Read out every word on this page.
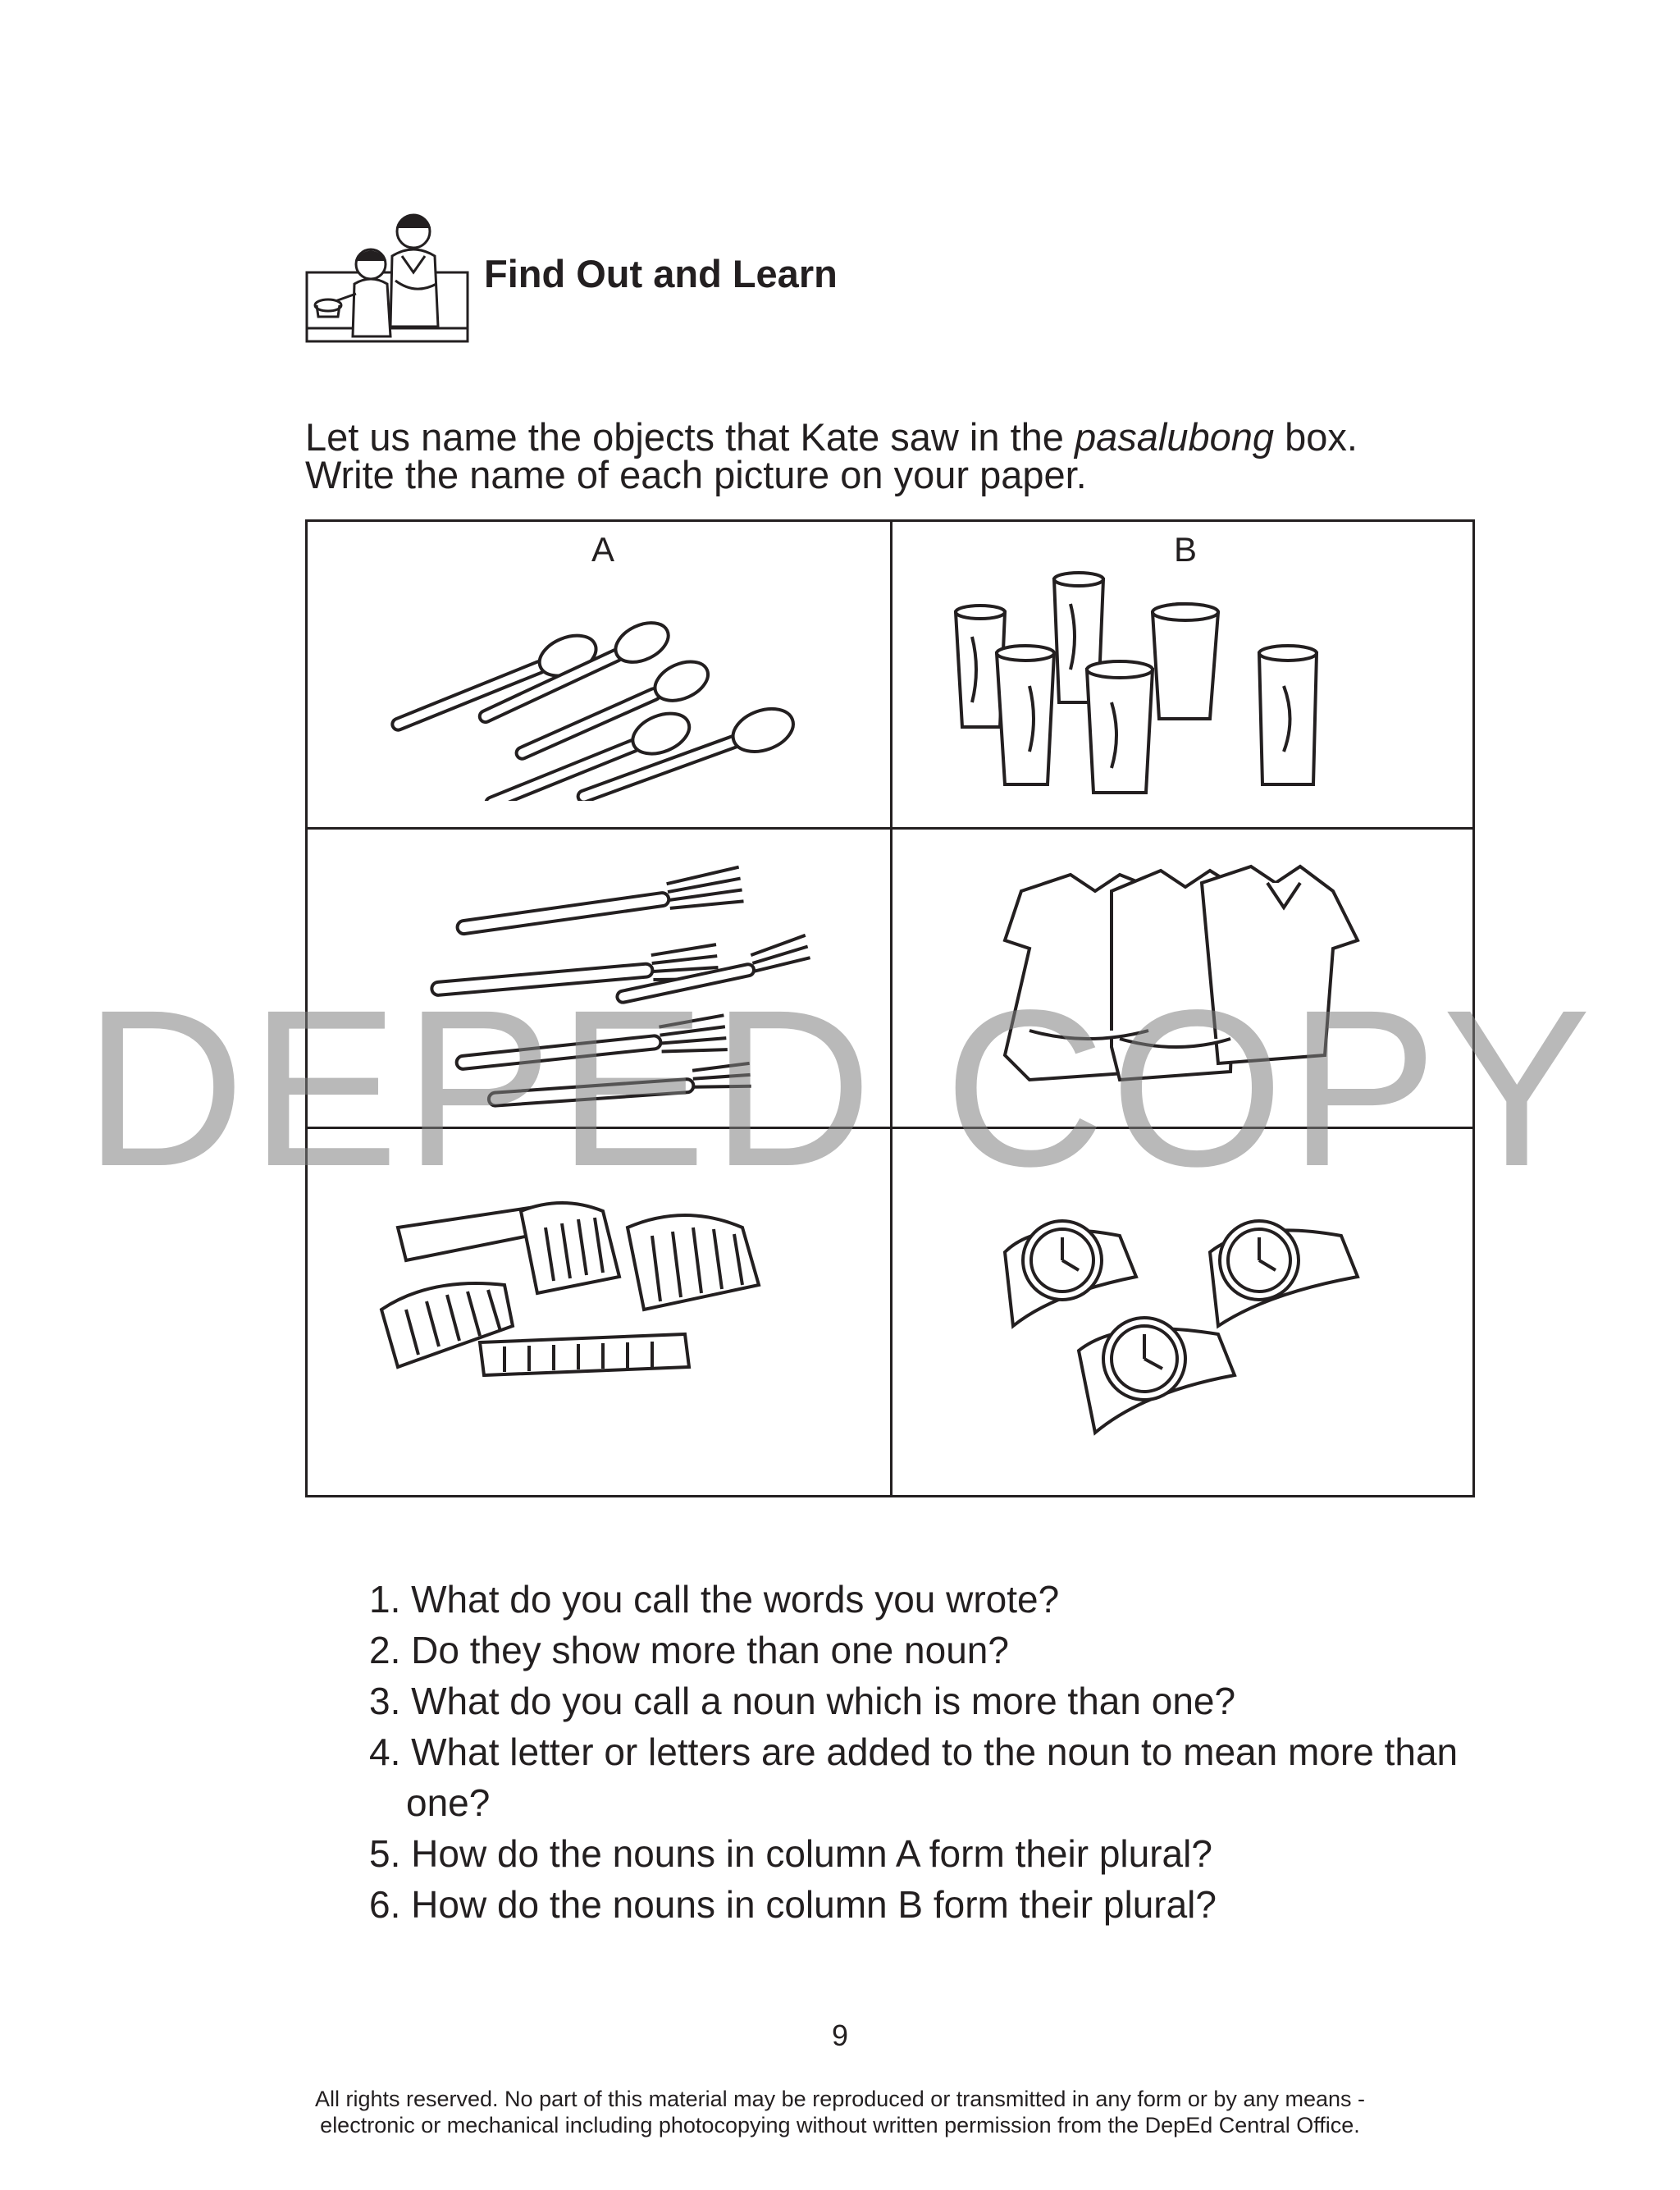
Find Out and Learn
Let us name the objects that Kate saw in the pasalubong box.
Write the name of each picture on your paper.
A	B
1. What do you call the words you wrote?
2. Do they show more than one noun?
3. What do you call a noun which is more than one?
4. What letter or letters are added to the noun to mean more than one?
5. How do the nouns in column A form their plural?
6. How do the nouns in column B form their plural?
9
All rights reserved. No part of this material may be reproduced or transmitted in any form or by any means -
electronic or mechanical including photocopying without written permission from the DepEd Central Office.
DEPED COPY
